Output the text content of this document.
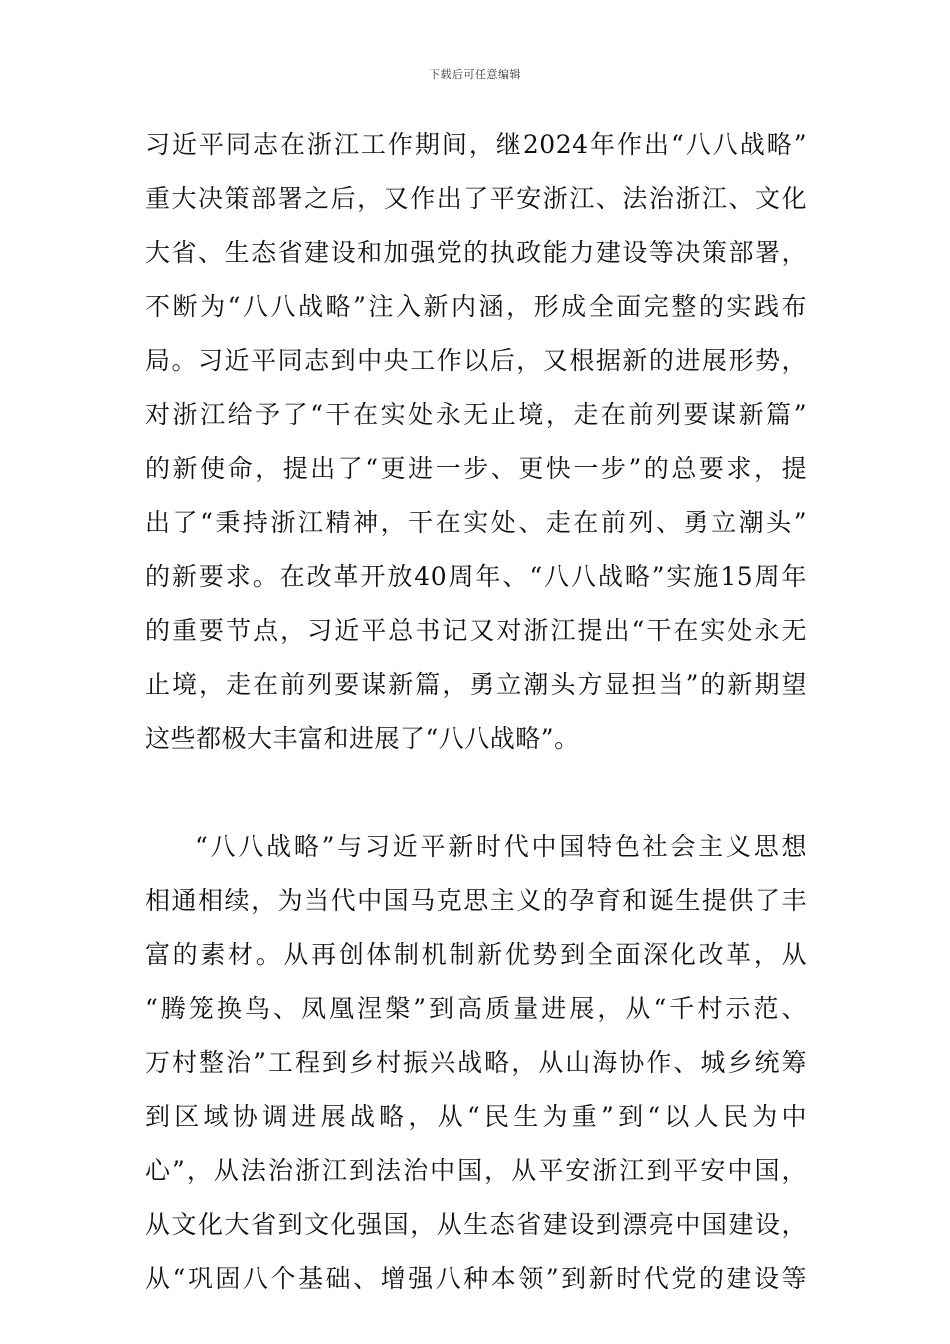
下载后可任意编辑
习近平同志在浙江工作期间，继2024年作出“八八战略”
重大决策部署之后，又作出了平安浙江、法治浙江、文化
大省、生态省建设和加强党的执政能力建设等决策部署，
不断为“八八战略”注入新内涵，形成全面完整的实践布
局。习近平同志到中央工作以后，又根据新的进展形势，
对浙江给予了“干在实处永无止境，走在前列要谋新篇”
的新使命，提出了“更进一步、更快一步”的总要求，提
出了“秉持浙江精神，干在实处、走在前列、勇立潮头”
的新要求。在改革开放40周年、“八八战略”实施15周年
的重要节点，习近平总书记又对浙江提出“干在实处永无
止境，走在前列要谋新篇，勇立潮头方显担当”的新期望
这些都极大丰富和进展了“八八战略”。
“八八战略”与习近平新时代中国特色社会主义思想
相通相续，为当代中国马克思主义的孕育和诞生提供了丰
富的素材。从再创体制机制新优势到全面深化改革，从
“腾笼换鸟、凤凰涅槃”到高质量进展，从“千村示范、
万村整治”工程到乡村振兴战略，从山海协作、城乡统筹
到区域协调进展战略，从“民生为重”到“以人民为中
心”，从法治浙江到法治中国，从平安浙江到平安中国，
从文化大省到文化强国，从生态省建设到漂亮中国建设，
从“巩固八个基础、增强八种本领”到新时代党的建设等
